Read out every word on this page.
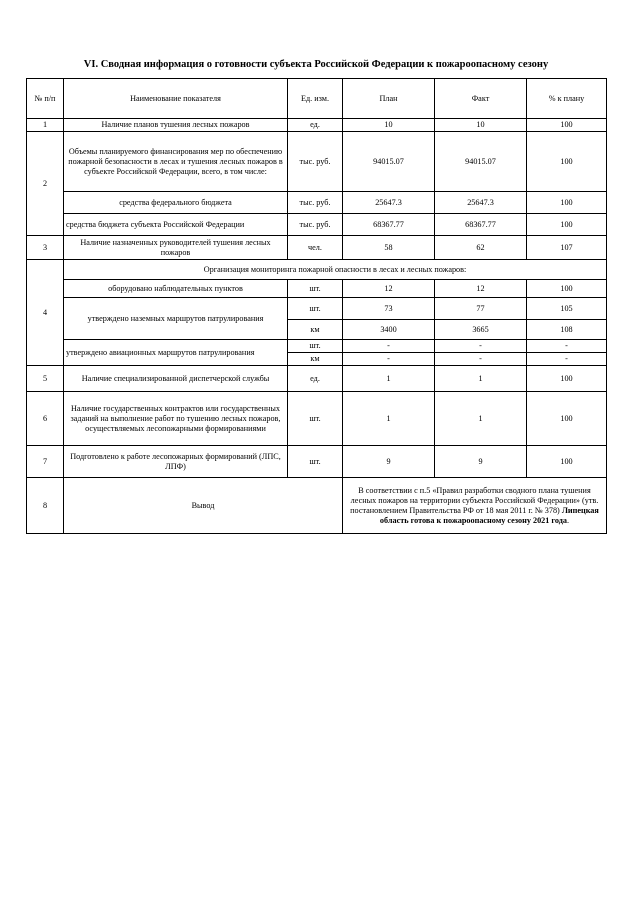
VI. Сводная информация о готовности субъекта Российской Федерации к пожароопасному сезону
№ п/п	Наименование показателя	Ед. изм.	План	Факт	% к плану
1	Наличие планов тушения лесных пожаров	ед.	10	10	100
2	Объемы планируемого финансирования мер по обеспечению пожарной безопасности в лесах и тушения лесных пожаров в субъекте Российской Федерации, всего, в том числе:	тыс. руб.	94015.07	94015.07	100
	средства федерального бюджета	тыс. руб.	25647.3	25647.3	100
	средства бюджета субъекта Российской Федерации	тыс. руб.	68367.77	68367.77	100
3	Наличие назначенных руководителей тушения лесных пожаров	чел.	58	62	107
4	Организация мониторинга пожарной опасности в лесах и лесных пожаров:				
	оборудовано наблюдательных пунктов	шт.	12	12	100
	утверждено наземных маршрутов патрулирования	шт.	73	77	105
		км	3400	3665	108
	утверждено авиационных маршрутов патрулирования	шт.	-	-	-
		км	-	-	-

5	Наличие специализированной диспетчерской службы	ед.	1	1	100
6	Наличие государственных контрактов или государственных заданий на выполнение работ по тушению лесных пожаров, осуществляемых лесопожарными формированиями	шт.	1	1	100
7	Подготовлено к работе лесопожарных формирований (ЛПС, ЛПФ)	шт.	9	9	100
8	Вывод		В соответствии с п.5 «Правил разработки сводного плана тушения лесных пожаров на территории субъекта Российской Федерации» (утв. постановлением Правительства РФ от 18 мая 2011 г. № 378) Липецкая область готова к пожароопасному сезону 2021 года.		
